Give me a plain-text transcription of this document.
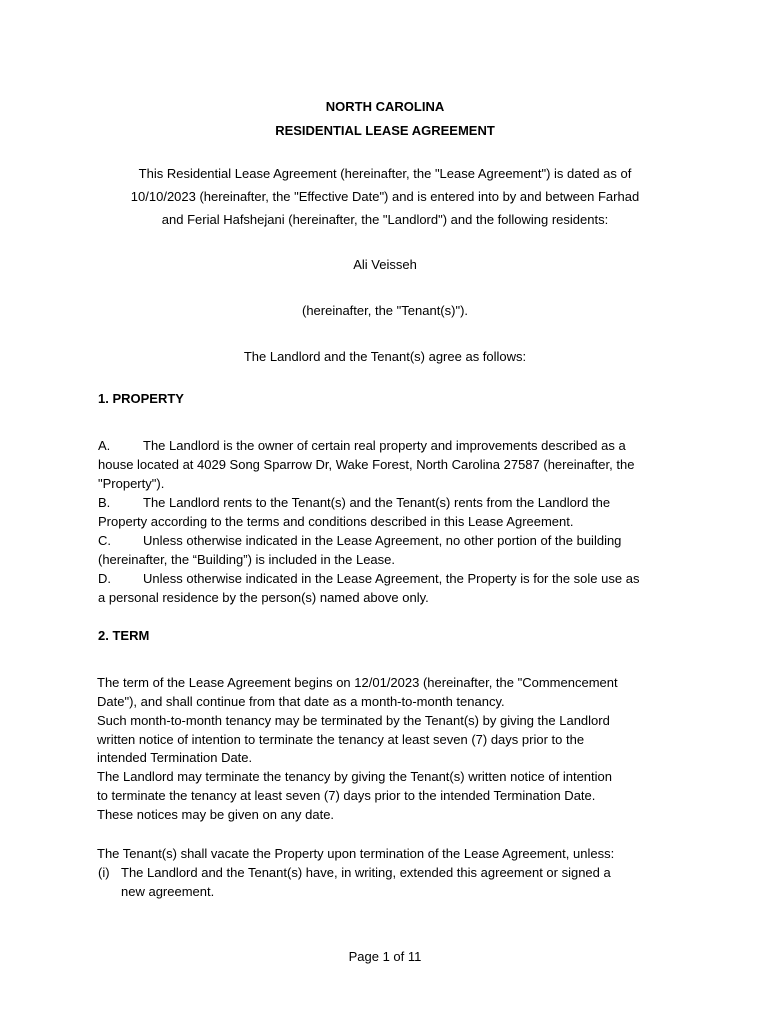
NORTH CAROLINA
RESIDENTIAL LEASE AGREEMENT
This Residential Lease Agreement (hereinafter, the "Lease Agreement") is dated as of
10/10/2023 (hereinafter, the "Effective Date") and is entered into by and between Farhad
and Ferial Hafshejani (hereinafter, the "Landlord") and the following residents:
Ali Veisseh
(hereinafter, the "Tenant(s)").
The Landlord and the Tenant(s) agree as follows:
1. PROPERTY
A.	The Landlord is the owner of certain real property and improvements described as a
house located at 4029 Song Sparrow Dr, Wake Forest, North Carolina 27587 (hereinafter, the
"Property").
B.	The Landlord rents to the Tenant(s) and the Tenant(s) rents from the Landlord the
Property according to the terms and conditions described in this Lease Agreement.
C. Unless otherwise indicated in the Lease Agreement, no other portion of the building
(hereinafter, the “Building”) is included in the Lease.
D. Unless otherwise indicated in the Lease Agreement, the Property is for the sole use as
a personal residence by the person(s) named above only.
2. TERM
The term of the Lease Agreement begins on 12/01/2023 (hereinafter, the "Commencement
Date"), and shall continue from that date as a month-to-month tenancy.
Such month-to-month tenancy may be terminated by the Tenant(s) by giving the Landlord
written notice of intention to terminate the tenancy at least seven (7) days prior to the
intended Termination Date.
The Landlord may terminate the tenancy by giving the Tenant(s) written notice of intention
to terminate the tenancy at least seven (7) days prior to the intended Termination Date.
These notices may be given on any date.
The Tenant(s) shall vacate the Property upon termination of the Lease Agreement, unless:
(i) The Landlord and the Tenant(s) have, in writing, extended this agreement or signed a
new agreement.
Page 1 of 11
